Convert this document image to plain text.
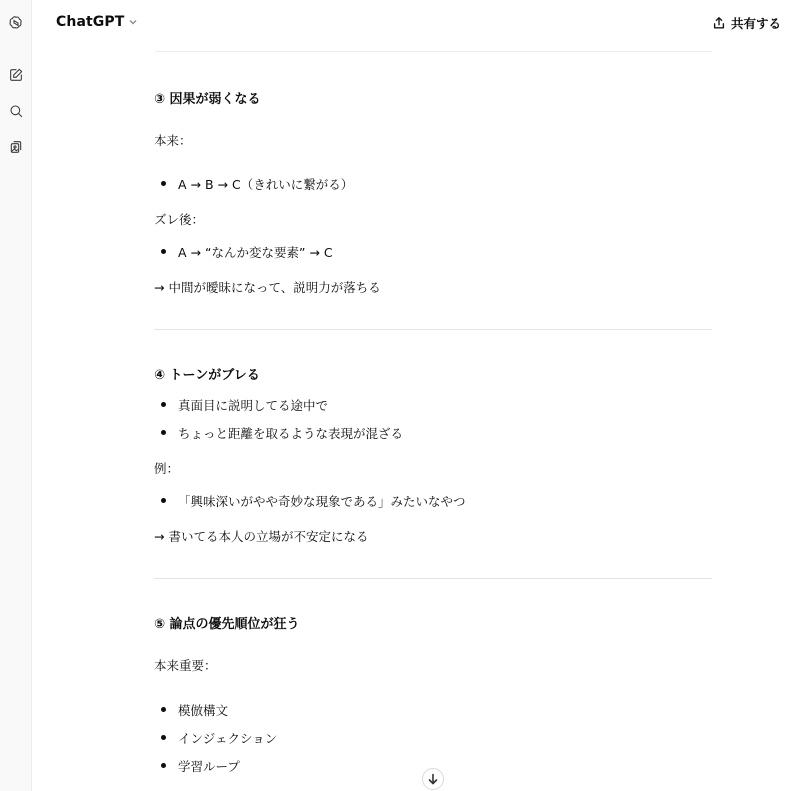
ChatGPT	共有する
③ 因果が弱くなる
本来：
A → B → C（きれいに繋がる）
ズレ後：
A → “なんか変な要素” → C
→ 中間が曖昧になって、説明力が落ちる
④ トーンがブレる
真面目に説明してる途中で
ちょっと距離を取るような表現が混ざる
例：
「興味深いがやや奇妙な現象である」みたいなやつ
→ 書いてる本人の立場が不安定になる
⑤ 論点の優先順位が狂う
本来重要：
模倣構文
インジェクション
学習ループ
